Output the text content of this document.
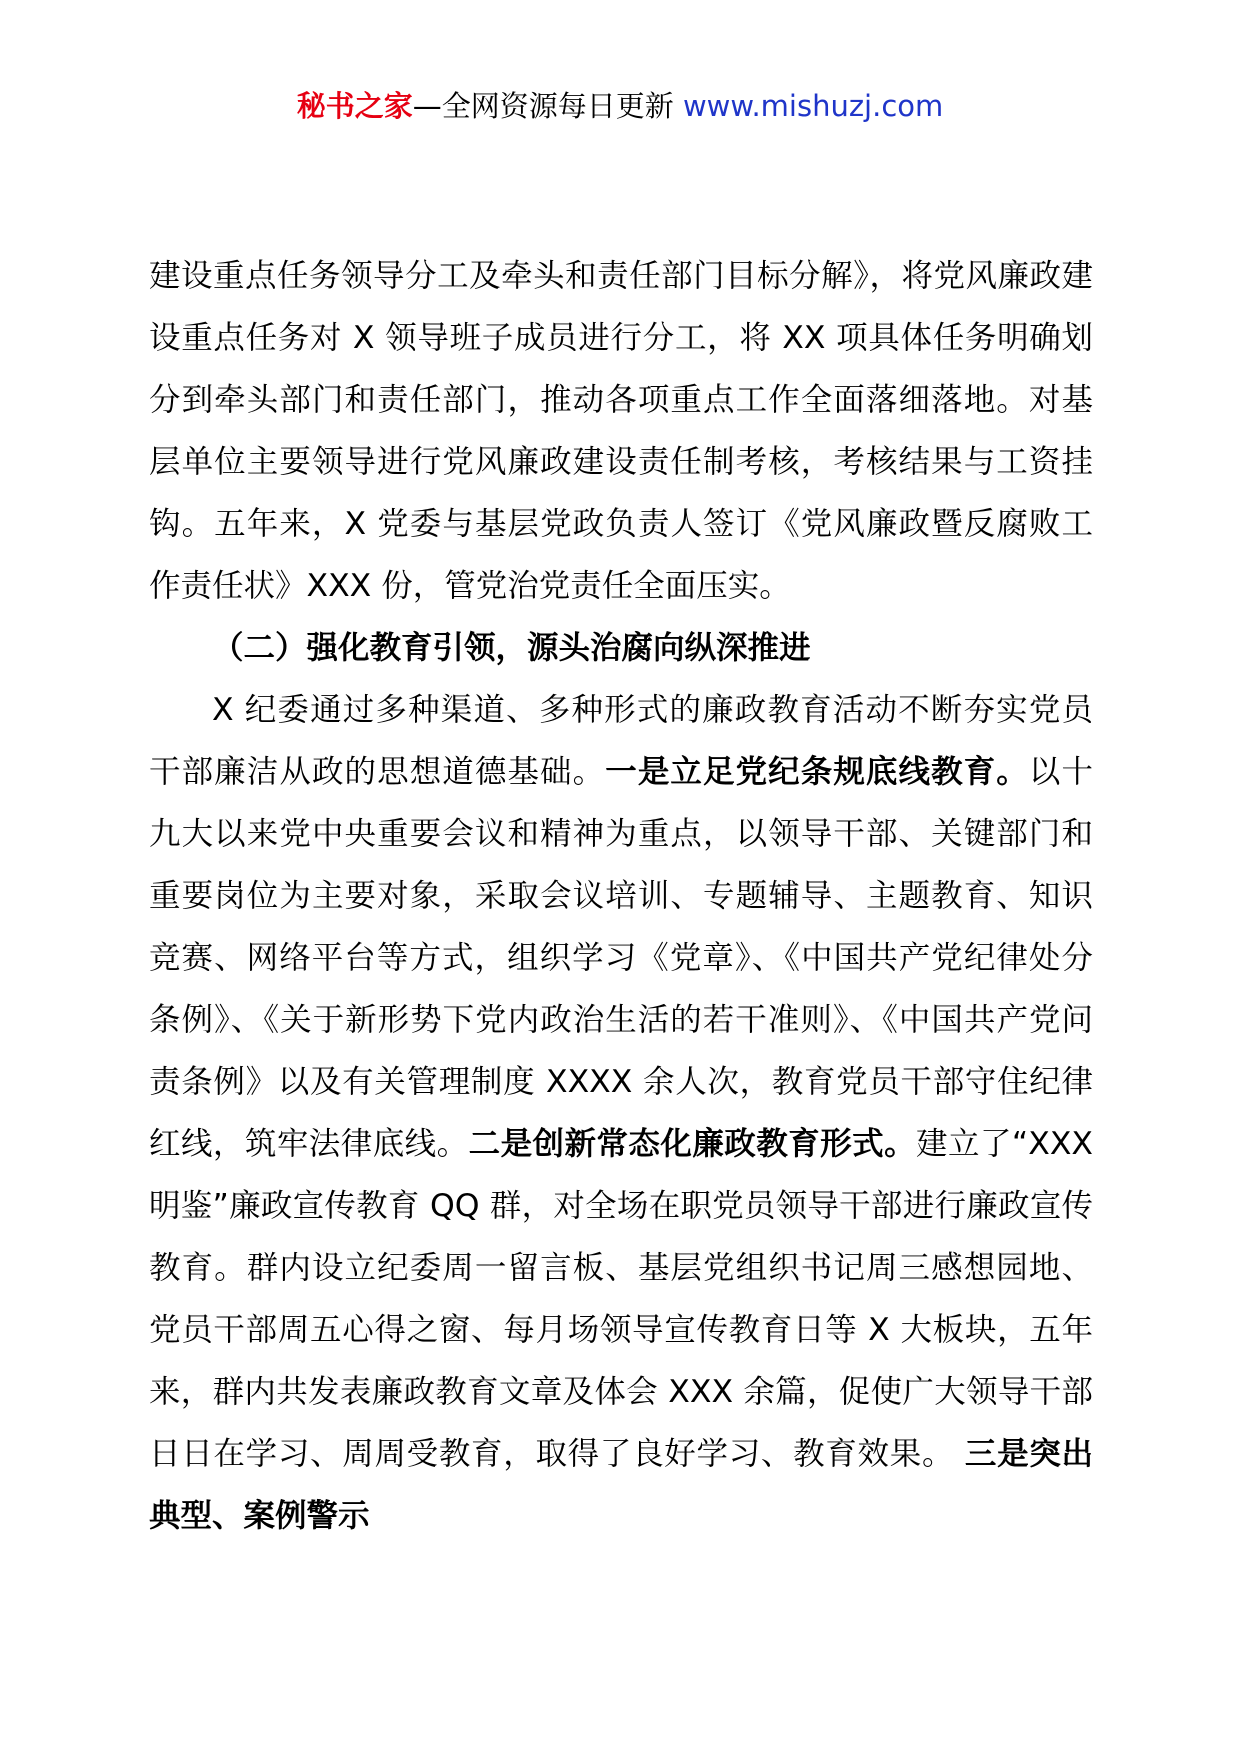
秘书之家—全网资源每日更新 www.mishuzj.com

建设重点任务领导分工及牵头和责任部门目标分解》，将党风廉政建设重点任务对 X 领导班子成员进行分工，将 XX 项具体任务明确划分到牵头部门和责任部门，推动各项重点工作全面落细落地。对基层单位主要领导进行党风廉政建设责任制考核，考核结果与工资挂钩。五年来，X 党委与基层党政负责人签订《党风廉政暨反腐败工作责任状》XXX 份，管党治党责任全面压实。

（二）强化教育引领，源头治腐向纵深推进

X 纪委通过多种渠道、多种形式的廉政教育活动不断夯实党员干部廉洁从政的思想道德基础。一是立足党纪条规底线教育。以十九大以来党中央重要会议和精神为重点，以领导干部、关键部门和重要岗位为主要对象，采取会议培训、专题辅导、主题教育、知识竞赛、网络平台等方式，组织学习《党章》、《中国共产党纪律处分条例》、《关于新形势下党内政治生活的若干准则》、《中国共产党问责条例》以及有关管理制度 XXXX 余人次，教育党员干部守住纪律红线，筑牢法律底线。二是创新常态化廉政教育形式。建立了“XXX 明鉴”廉政宣传教育 QQ 群，对全场在职党员领导干部进行廉政宣传教育。群内设立纪委周一留言板、基层党组织书记周三感想园地、党员干部周五心得之窗、每月场领导宣传教育日等 X 大板块，五年来，群内共发表廉政教育文章及体会 XXX 余篇，促使广大领导干部日日在学习、周周受教育，取得了良好学习、教育效果。 三是突出典型、案例警示
